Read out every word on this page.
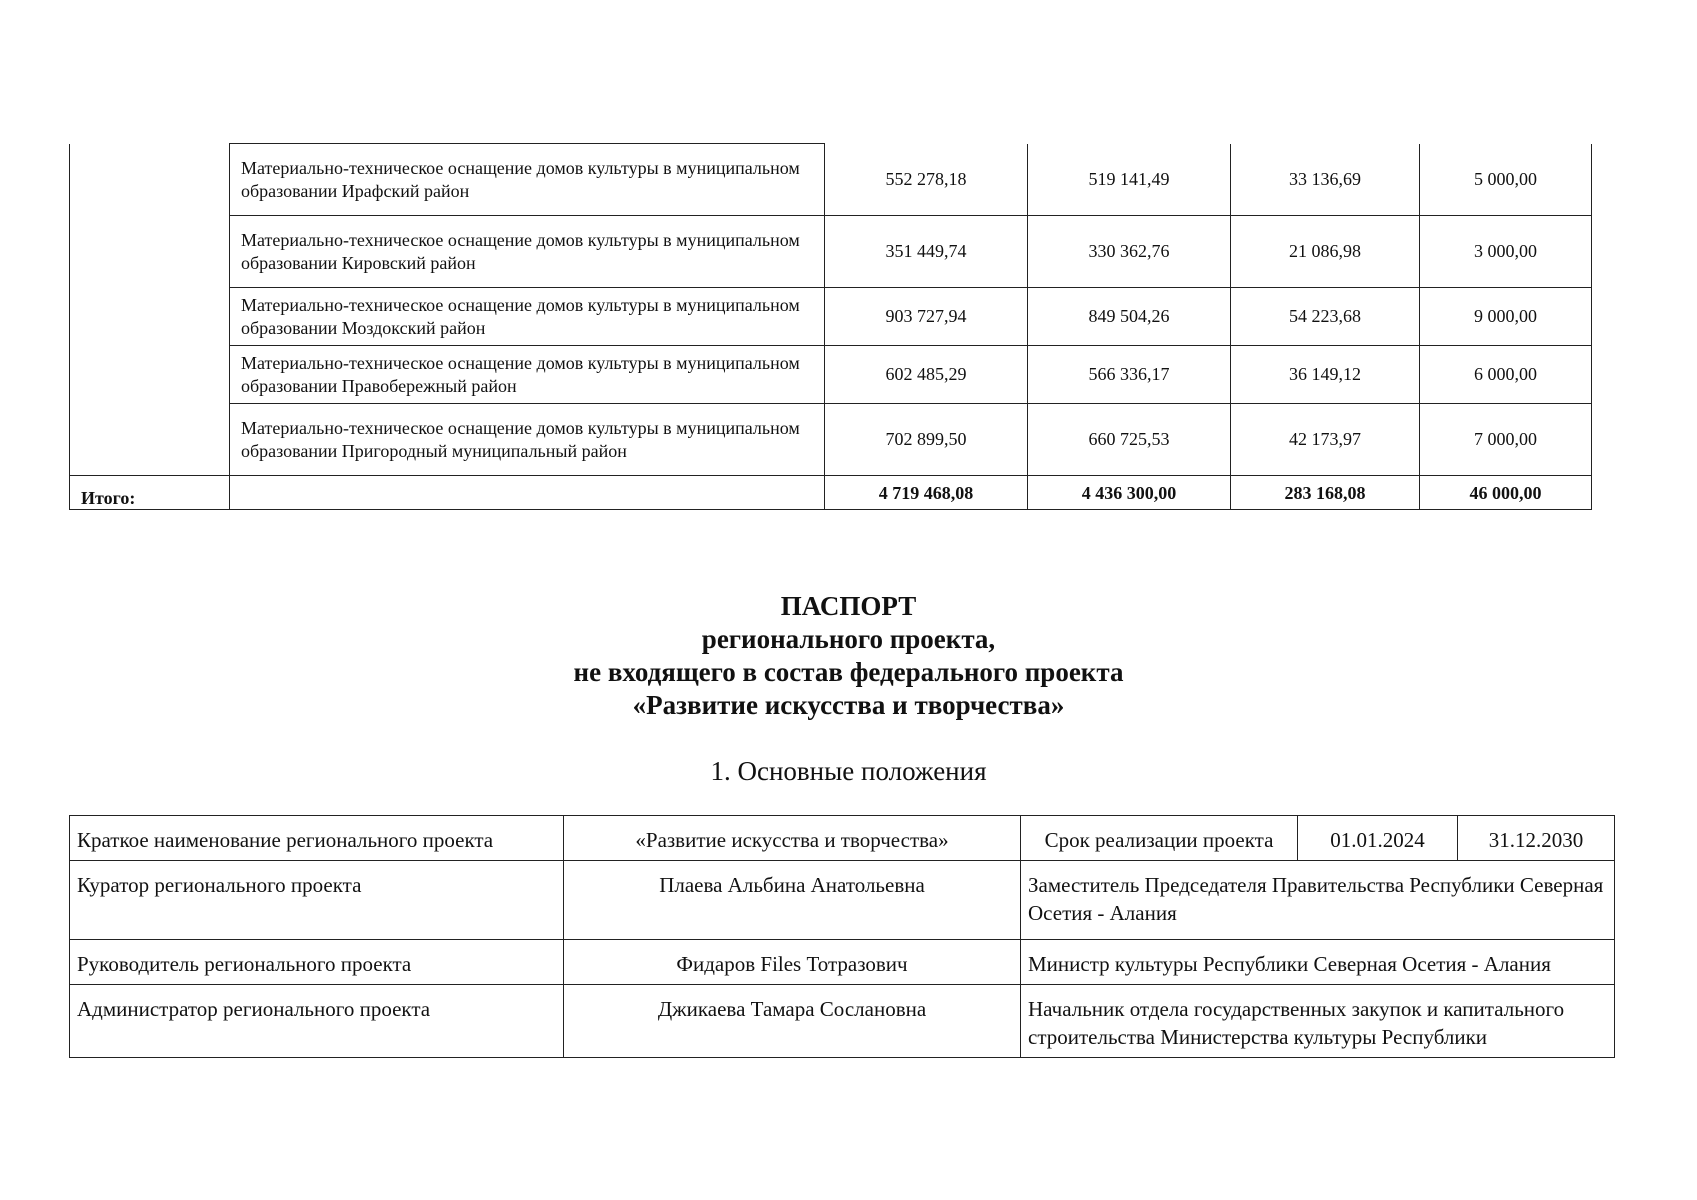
	Материально-техническое оснащение домов культуры в муниципальном образовании Ирафский район	552 278,18	519 141,49	33 136,69	5 000,00
	Материально-техническое оснащение домов культуры в муниципальном образовании Кировский район	351 449,74	330 362,76	21 086,98	3 000,00
	Материально-техническое оснащение домов культуры в муниципальном образовании Моздокский район	903 727,94	849 504,26	54 223,68	9 000,00
	Материально-техническое оснащение домов культуры в муниципальном образовании Правобережный район	602 485,29	566 336,17	36 149,12	6 000,00
	Материально-техническое оснащение домов культуры в муниципальном образовании Пригородный муниципальный район	702 899,50	660 725,53	42 173,97	7 000,00
Итого:		4 719 468,08	4 436 300,00	283 168,08	46 000,00
ПАСПОРТ
регионального проекта,
не входящего в состав федерального проекта
«Развитие искусства и творчества»
1. Основные положения
Краткое наименование регионального проекта	«Развитие искусства и творчества»	Срок реализации проекта	01.01.2024	31.12.2030
Куратор регионального проекта	Плаева Альбина Анатольевна	Заместитель Председателя Правительства Республики Северная Осетия - Алания		
Руководитель регионального проекта	Фидаров Files Тотразович	Министр культуры Республики Северная Осетия - Алания		
Администратор регионального проекта	Джикаева Тамара Сослановна	Начальник отдела государственных закупок и капитального строительства Министерства культуры Республики		
